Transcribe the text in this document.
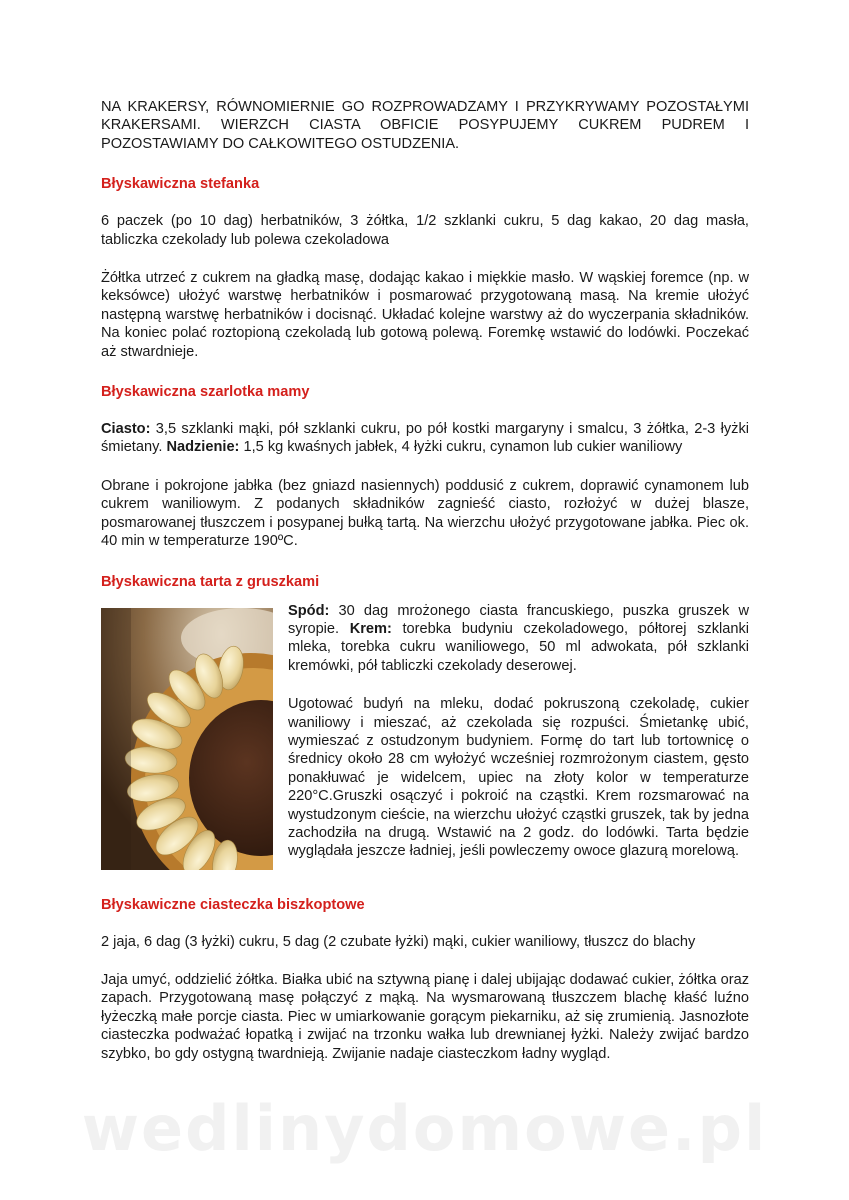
NA KRAKERSY, RÓWNOMIERNIE GO ROZPROWADZAMY I PRZYKRYWAMY POZOSTAŁYMI KRAKERSAMI. WIERZCH CIASTA OBFICIE POSYPUJEMY CUKREM PUDREM I POZOSTAWIAMY DO CAŁKOWITEGO OSTUDZENIA.

Błyskawiczna stefanka

6 paczek (po 10 dag) herbatników, 3 żółtka, 1/2 szklanki cukru, 5 dag kakao, 20 dag masła, tabliczka czekolady lub polewa czekoladowa

Żółtka utrzeć z cukrem na gładką masę, dodając kakao i miękkie masło. W wąskiej foremce (np. w keksówce) ułożyć warstwę herbatników i posmarować przygotowaną masą. Na kremie ułożyć następną warstwę herbatników i docisnąć. Układać kolejne warstwy aż do wyczerpania składników. Na koniec polać roztopioną czekoladą lub gotową polewą. Foremkę wstawić do lodówki. Poczekać aż stwardnieje.

Błyskawiczna szarlotka mamy

Ciasto: 3,5 szklanki mąki, pół szklanki cukru, po pół kostki margaryny i smalcu, 3 żółtka, 2-3 łyżki śmietany. Nadzienie: 1,5 kg kwaśnych jabłek, 4 łyżki cukru, cynamon lub cukier waniliowy

Obrane i pokrojone jabłka (bez gniazd nasiennych) poddusić z cukrem, doprawić cynamonem lub cukrem waniliowym. Z podanych składników zagnieść ciasto, rozłożyć w dużej blasze, posmarowanej tłuszczem i posypanej bułką tartą. Na wierzchu ułożyć przygotowane jabłka. Piec ok. 40 min w temperaturze 190ºC.

Błyskawiczna tarta z gruszkami

Spód: 30 dag mrożonego ciasta francuskiego, puszka gruszek w syropie. Krem: torebka budyniu czekoladowego, półtorej szklanki mleka, torebka cukru waniliowego, 50 ml adwokata, pół szklanki kremówki, pół tabliczki czekolady deserowej.

Ugotować budyń na mleku, dodać pokruszoną czekoladę, cukier waniliowy i mieszać, aż czekolada się rozpuści. Śmietankę ubić, wymieszać z ostudzonym budyniem. Formę do tart lub tortownicę o średnicy około 28 cm wyłożyć wcześniej rozmrożonym ciastem, gęsto ponakłuwać je widelcem, upiec na złoty kolor w temperaturze 220°C.Gruszki osączyć i pokroić na cząstki. Krem rozsmarować na wystudzonym cieście, na wierzchu ułożyć cząstki gruszek, tak by jedna zachodziła na drugą. Wstawić na 2 godz. do lodówki. Tarta będzie wyglądała jeszcze ładniej, jeśli powleczemy owoce glazurą morelową.

Błyskawiczne ciasteczka biszkoptowe

2 jaja, 6 dag (3 łyżki) cukru, 5 dag (2 czubate łyżki) mąki, cukier waniliowy, tłuszcz do blachy

Jaja umyć, oddzielić żółtka. Białka ubić na sztywną pianę i dalej ubijając dodawać cukier, żółtka oraz zapach. Przygotowaną masę połączyć z mąką. Na wysmarowaną tłuszczem blachę kłaść luźno łyżeczką małe porcje ciasta. Piec w umiarkowanie gorącym piekarniku, aż się zrumienią. Jasnozłote ciasteczka podważać łopatką i zwijać na trzonku wałka lub drewnianej łyżki. Należy zwijać bardzo szybko, bo gdy ostygną twardnieją. Zwijanie nadaje ciasteczkom ładny wygląd.

wedlinydomowe.pl
